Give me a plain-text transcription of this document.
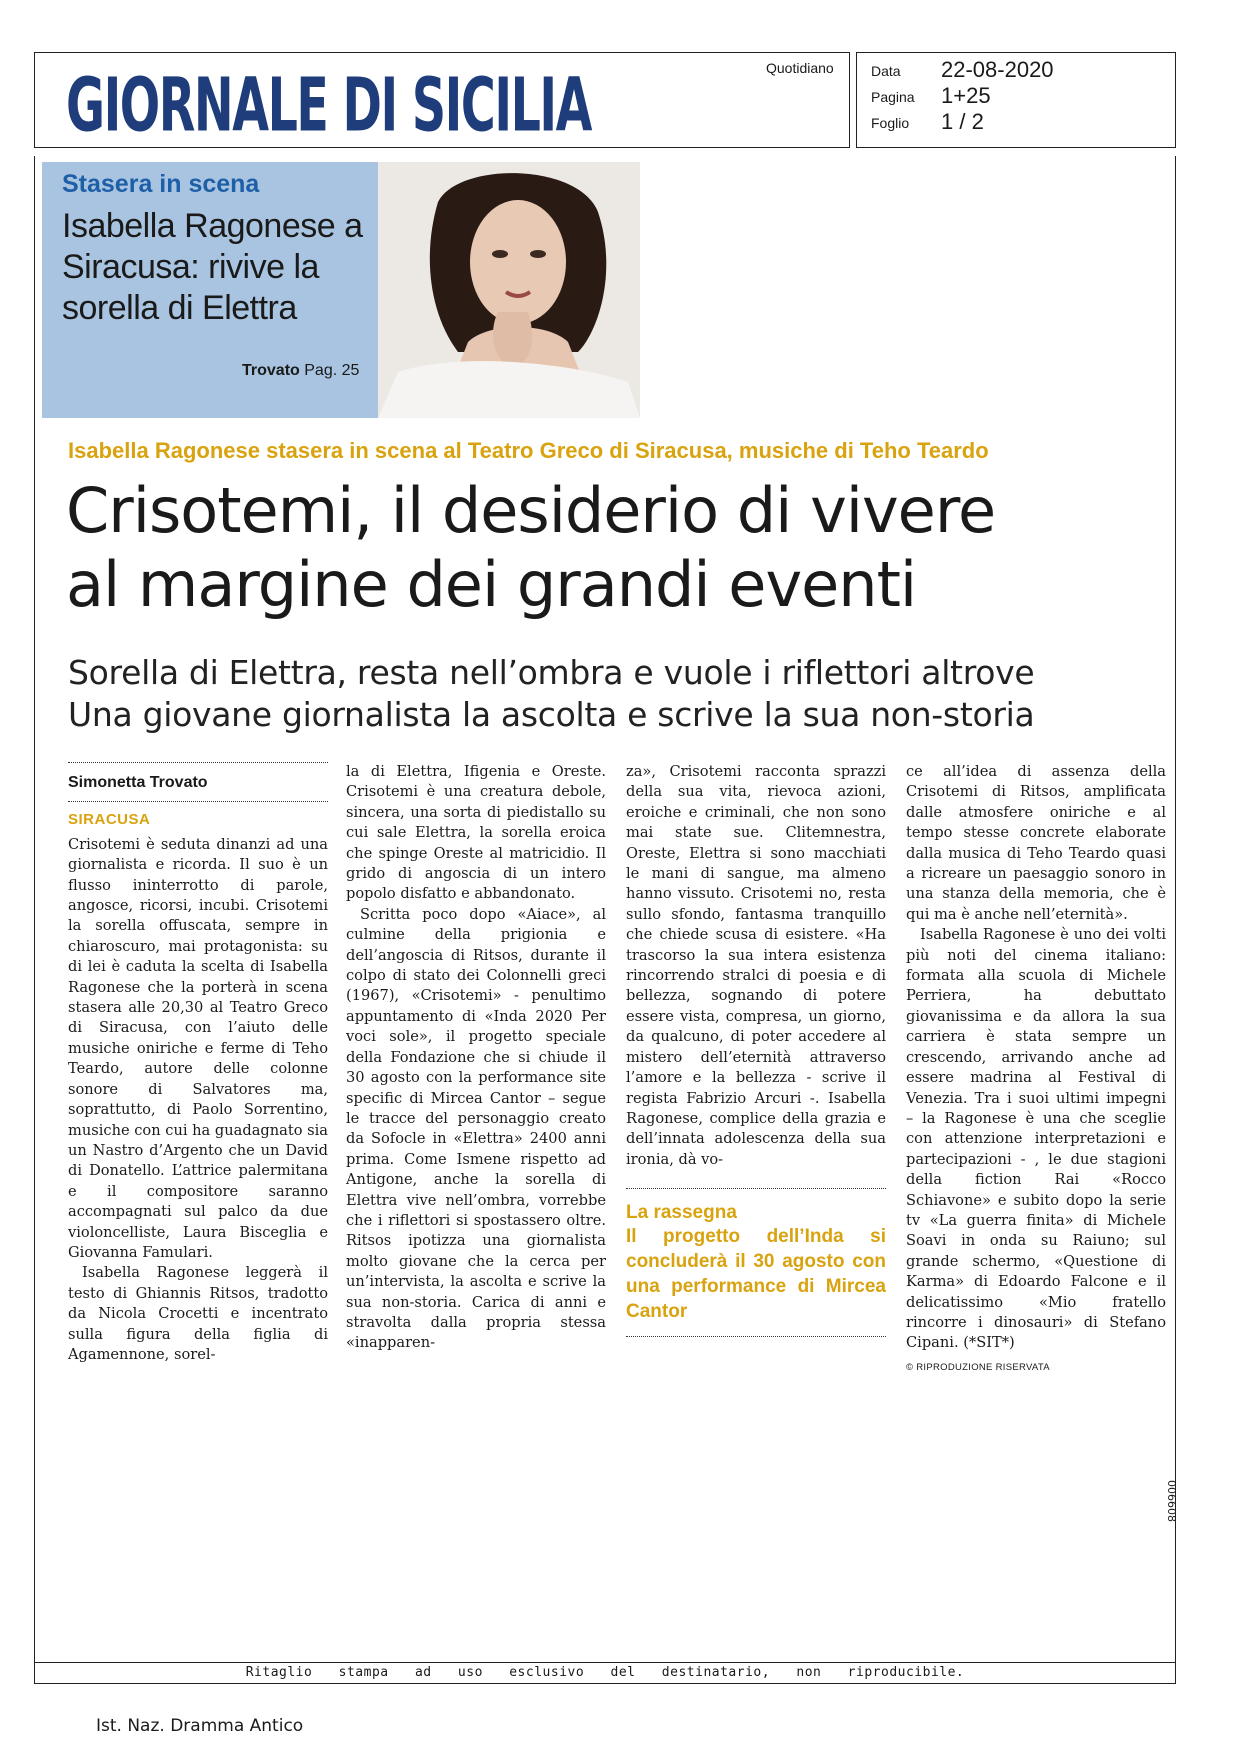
GIORNALE DI SICILIA	Quotidiano	Data 22-08-2020
Pagina 1+25
Foglio 1 / 2
Stasera in scena
Isabella Ragonese a Siracusa: rivive la sorella di Elettra
Trovato Pag. 25
Isabella Ragonese stasera in scena al Teatro Greco di Siracusa, musiche di Teho Teardo
Crisotemi, il desiderio di vivere
al margine dei grandi eventi
Sorella di Elettra, resta nell’ombra e vuole i riflettori altrove
Una giovane giornalista la ascolta e scrive la sua non-storia
Simonetta Trovato
SIRACUSA

Crisotemi è seduta dinanzi ad una giornalista e ricorda. Il suo è un flusso ininterrotto di parole, angosce, ricorsi, incubi. Crisotemi la sorella offuscata, sempre in chiaroscuro, mai protagonista: su di lei è caduta la scelta di Isabella Ragonese che la porterà in scena stasera alle 20,30 al Teatro Greco di Siracusa, con l’aiuto delle musiche oniriche e ferme di Teho Teardo, autore delle colonne sonore di Salvatores ma, soprattutto, di Paolo Sorrentino, musiche con cui ha guadagnato sia un Nastro d’Argento che un David di Donatello. L’attrice palermitana e il compositore saranno accompagnati sul palco da due violoncelliste, Laura Bisceglia e Giovanna Famulari.

Isabella Ragonese leggerà il testo di Ghiannis Ritsos, tradotto da Nicola Crocetti e incentrato sulla figura della figlia di Agamennone, sorel-

la di Elettra, Ifigenia e Oreste. Crisotemi è una creatura debole, sincera, una sorta di piedistallo su cui sale Elettra, la sorella eroica che spinge Oreste al matricidio. Il grido di angoscia di un intero popolo disfatto e abbandonato.

Scritta poco dopo «Aiace», al culmine della prigionia e dell’angoscia di Ritsos, durante il colpo di stato dei Colonnelli greci (1967), «Crisotemi» - penultimo appuntamento di «Inda 2020 Per voci sole», il progetto speciale della Fondazione che si chiude il 30 agosto con la performance site specific di Mircea Cantor – segue le tracce del personaggio creato da Sofocle in «Elettra» 2400 anni prima. Come Ismene rispetto ad Antigone, anche la sorella di Elettra vive nell’ombra, vorrebbe che i riflettori si spostassero oltre. Ritsos ipotizza una giornalista molto giovane che la cerca per un’intervista, la ascolta e scrive la sua non-storia. Carica di anni e stravolta dalla propria stessa «inapparen-

za», Crisotemi racconta sprazzi della sua vita, rievoca azioni, eroiche e criminali, che non sono mai state sue. Clitemnestra, Oreste, Elettra si sono macchiati le mani di sangue, ma almeno hanno vissuto. Crisotemi no, resta sullo sfondo, fantasma tranquillo che chiede scusa di esistere. «Ha trascorso la sua intera esistenza rincorrendo stralci di poesia e di bellezza, sognando di potere essere vista, compresa, un giorno, da qualcuno, di poter accedere al mistero dell’eternità attraverso l’amore e la bellezza - scrive il regista Fabrizio Arcuri -. Isabella Ragonese, complice della grazia e dell’innata adolescenza della sua ironia, dà vo-

La rassegna
Il progetto dell’Inda si concluderà il 30 agosto con una performance di Mircea Cantor

ce all’idea di assenza della Crisotemi di Ritsos, amplificata dalle atmosfere oniriche e al tempo stesse concrete elaborate dalla musica di Teho Teardo quasi a ricreare un paesaggio sonoro in una stanza della memoria, che è qui ma è anche nell’eternità».

Isabella Ragonese è uno dei volti più noti del cinema italiano: formata alla scuola di Michele Perriera, ha debuttato giovanissima e da allora la sua carriera è stata sempre un crescendo, arrivando anche ad essere madrina al Festival di Venezia. Tra i suoi ultimi impegni – la Ragonese è una che sceglie con attenzione interpretazioni e partecipazioni - , le due stagioni della fiction Rai «Rocco Schiavone» e subito dopo la serie tv «La guerra finita» di Michele Soavi in onda su Raiuno; sul grande schermo, «Questione di Karma» di Edoardo Falcone e il delicatissimo «Mio fratello rincorre i dinosauri» di Stefano Cipani. (*SIT*)

© RIPRODUZIONE RISERVATA
006608
Ritaglio stampa ad uso esclusivo del destinatario, non riproducibile.
Ist. Naz. Dramma Antico
